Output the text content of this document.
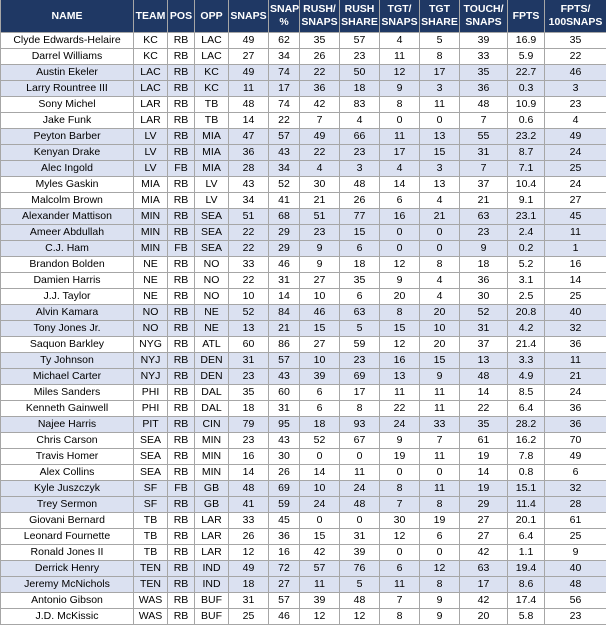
NAME	TEAM	POS	OPP	SNAPS	SNAP %	RUSH/ SNAPS	RUSH SHARE	TGT/ SNAPS	TGT SHARE	TOUCH/ SNAPS	FPTS	FPTS/ 100SNAPS
Clyde Edwards-Helaire	KC	RB	LAC	49	62	35	57	4	5	39	16.9	35
Darrel Williams	KC	RB	LAC	27	34	26	23	11	8	33	5.9	22
Austin Ekeler	LAC	RB	KC	49	74	22	50	12	17	35	22.7	46
Larry Rountree III	LAC	RB	KC	11	17	36	18	9	3	36	0.3	3
Sony Michel	LAR	RB	TB	48	74	42	83	8	11	48	10.9	23
Jake Funk	LAR	RB	TB	14	22	7	4	0	0	7	0.6	4
Peyton Barber	LV	RB	MIA	47	57	49	66	11	13	55	23.2	49
Kenyan Drake	LV	RB	MIA	36	43	22	23	17	15	31	8.7	24
Alec Ingold	LV	FB	MIA	28	34	4	3	4	3	7	7.1	25
Myles Gaskin	MIA	RB	LV	43	52	30	48	14	13	37	10.4	24
Malcolm Brown	MIA	RB	LV	34	41	21	26	6	4	21	9.1	27
Alexander Mattison	MIN	RB	SEA	51	68	51	77	16	21	63	23.1	45
Ameer Abdullah	MIN	RB	SEA	22	29	23	15	0	0	23	2.4	11
C.J. Ham	MIN	FB	SEA	22	29	9	6	0	0	9	0.2	1
Brandon Bolden	NE	RB	NO	33	46	9	18	12	8	18	5.2	16
Damien Harris	NE	RB	NO	22	31	27	35	9	4	36	3.1	14
J.J. Taylor	NE	RB	NO	10	14	10	6	20	4	30	2.5	25
Alvin Kamara	NO	RB	NE	52	84	46	63	8	20	52	20.8	40
Tony Jones Jr.	NO	RB	NE	13	21	15	5	15	10	31	4.2	32
Saquon Barkley	NYG	RB	ATL	60	86	27	59	12	20	37	21.4	36
Ty Johnson	NYJ	RB	DEN	31	57	10	23	16	15	13	3.3	11
Michael Carter	NYJ	RB	DEN	23	43	39	69	13	9	48	4.9	21
Miles Sanders	PHI	RB	DAL	35	60	6	17	11	11	14	8.5	24
Kenneth Gainwell	PHI	RB	DAL	18	31	6	8	22	11	22	6.4	36
Najee Harris	PIT	RB	CIN	79	95	18	93	24	33	35	28.2	36
Chris Carson	SEA	RB	MIN	23	43	52	67	9	7	61	16.2	70
Travis Homer	SEA	RB	MIN	16	30	0	0	19	11	19	7.8	49
Alex Collins	SEA	RB	MIN	14	26	14	11	0	0	14	0.8	6
Kyle Juszczyk	SF	FB	GB	48	69	10	24	8	11	19	15.1	32
Trey Sermon	SF	RB	GB	41	59	24	48	7	8	29	11.4	28
Giovani Bernard	TB	RB	LAR	33	45	0	0	30	19	27	20.1	61
Leonard Fournette	TB	RB	LAR	26	36	15	31	12	6	27	6.4	25
Ronald Jones II	TB	RB	LAR	12	16	42	39	0	0	42	1.1	9
Derrick Henry	TEN	RB	IND	49	72	57	76	6	12	63	19.4	40
Jeremy McNichols	TEN	RB	IND	18	27	11	5	11	8	17	8.6	48
Antonio Gibson	WAS	RB	BUF	31	57	39	48	7	9	42	17.4	56
J.D. McKissic	WAS	RB	BUF	25	46	12	12	8	9	20	5.8	23
